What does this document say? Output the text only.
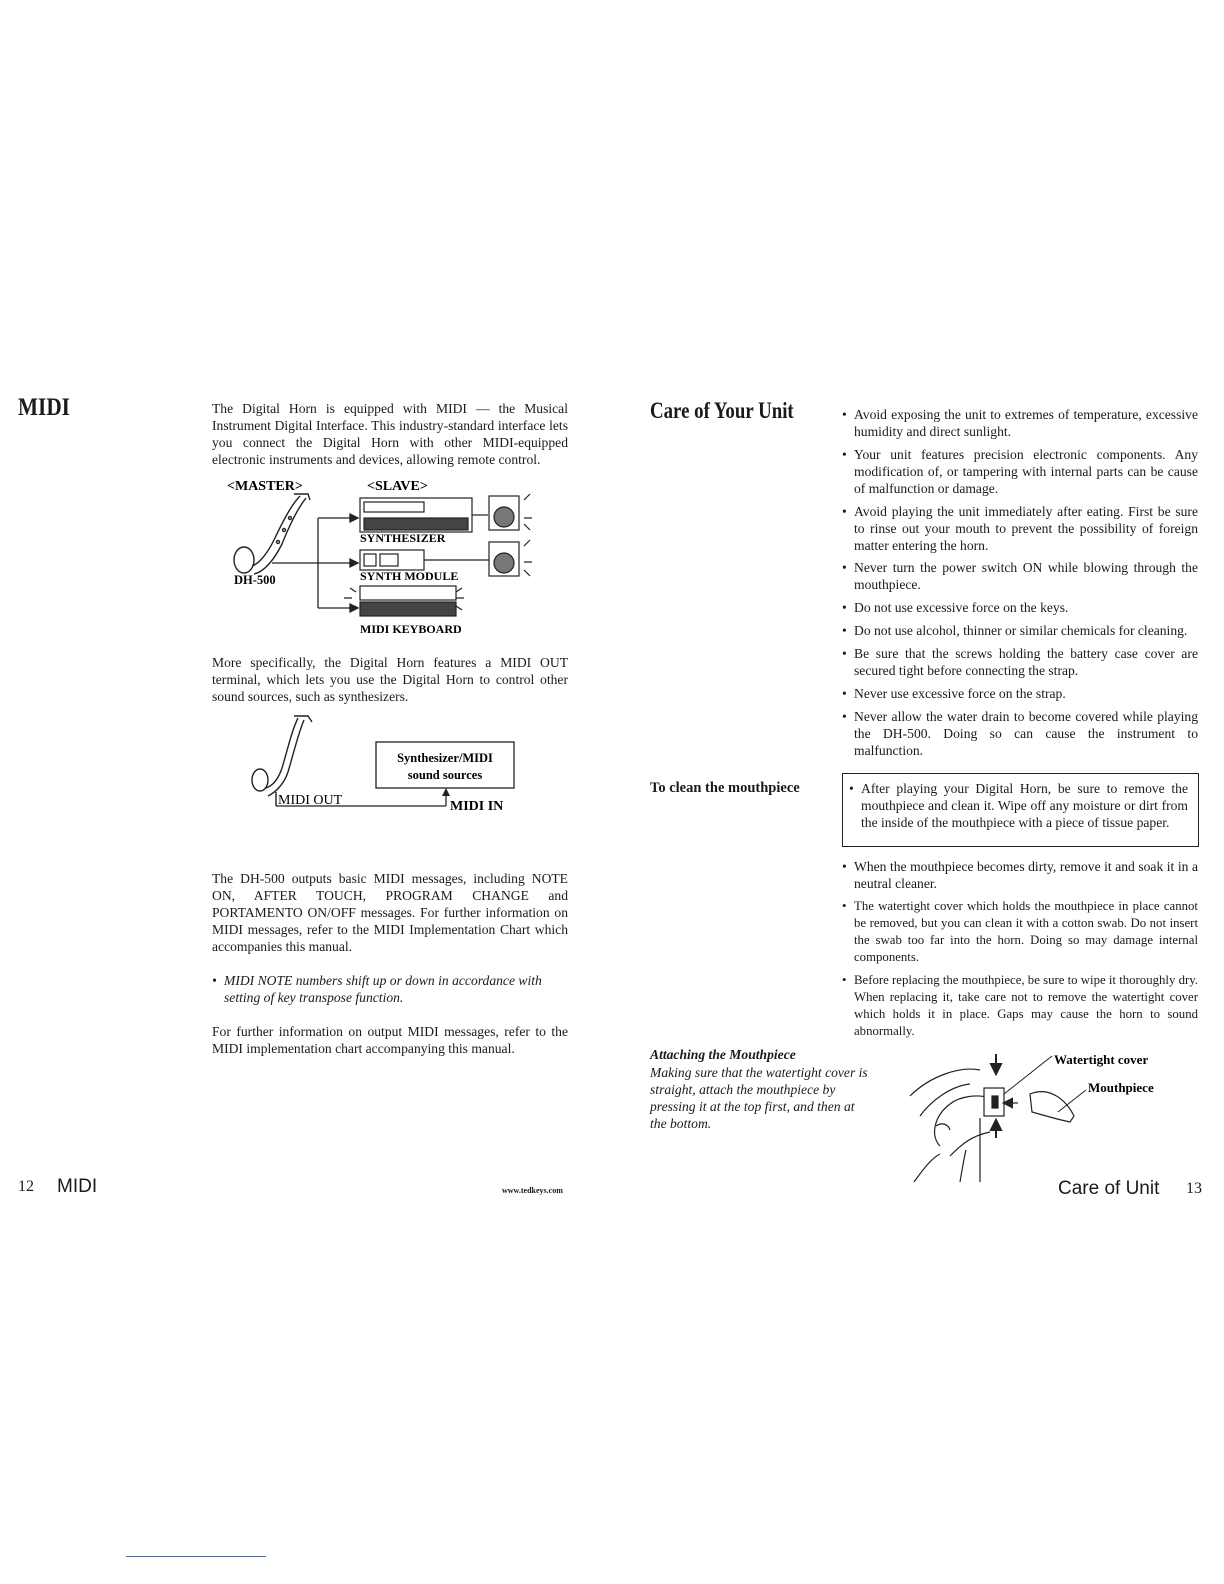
MIDI	The Digital Horn is equipped with MIDI — the Musical Instrument Digital Interface. This industry-standard interface lets you connect the Digital Horn with other MIDI-equipped electronic instruments and devices, allowing remote control.
<MASTER>	<SLAVE>
DH-500
SYNTHESIZER
SYNTH MODULE
MIDI KEYBOARD
More specifically, the Digital Horn features a MIDI OUT terminal, which lets you use the Digital Horn to control other sound sources, such as synthesizers.
Synthesizer/MIDI
sound sources
MIDI OUT	MIDI IN
The DH-500 outputs basic MIDI messages, including NOTE ON, AFTER TOUCH, PROGRAM CHANGE and PORTAMENTO ON/OFF messages. For further information on MIDI messages, refer to the MIDI Implementation Chart which accompanies this manual.
• MIDI NOTE numbers shift up or down in accordance with setting of key transpose function.
For further information on output MIDI messages, refer to the MIDI implementation chart accompanying this manual.
12 MIDI	www.tedkeys.com
Care of Your Unit	• Avoid exposing the unit to extremes of temperature, excessive humidity and direct sunlight.
• Your unit features precision electronic components. Any modification of, or tampering with internal parts can be cause of malfunction or damage.
• Avoid playing the unit immediately after eating. First be sure to rinse out your mouth to prevent the possibility of foreign matter entering the horn.
• Never turn the power switch ON while blowing through the mouthpiece.
• Do not use excessive force on the keys.
• Do not use alcohol, thinner or similar chemicals for cleaning.
• Be sure that the screws holding the battery case cover are secured tight before connecting the strap.
• Never use excessive force on the strap.
• Never allow the water drain to become covered while playing the DH-500. Doing so can cause the instrument to malfunction.
To clean the mouthpiece	• After playing your Digital Horn, be sure to remove the mouthpiece and clean it. Wipe off any moisture or dirt from the inside of the mouthpiece with a piece of tissue paper.
• When the mouthpiece becomes dirty, remove it and soak it in a neutral cleaner.
• The watertight cover which holds the mouthpiece in place cannot be removed, but you can clean it with a cotton swab. Do not insert the swab too far into the horn. Doing so may damage internal components.
• Before replacing the mouthpiece, be sure to wipe it thoroughly dry. When replacing it, take care not to remove the watertight cover which holds it in place. Gaps may cause the horn to sound abnormally.
Attaching the Mouthpiece
Making sure that the watertight cover is straight, attach the mouthpiece by pressing it at the top first, and then at the bottom.
Watertight cover
Mouthpiece
Care of Unit 13
